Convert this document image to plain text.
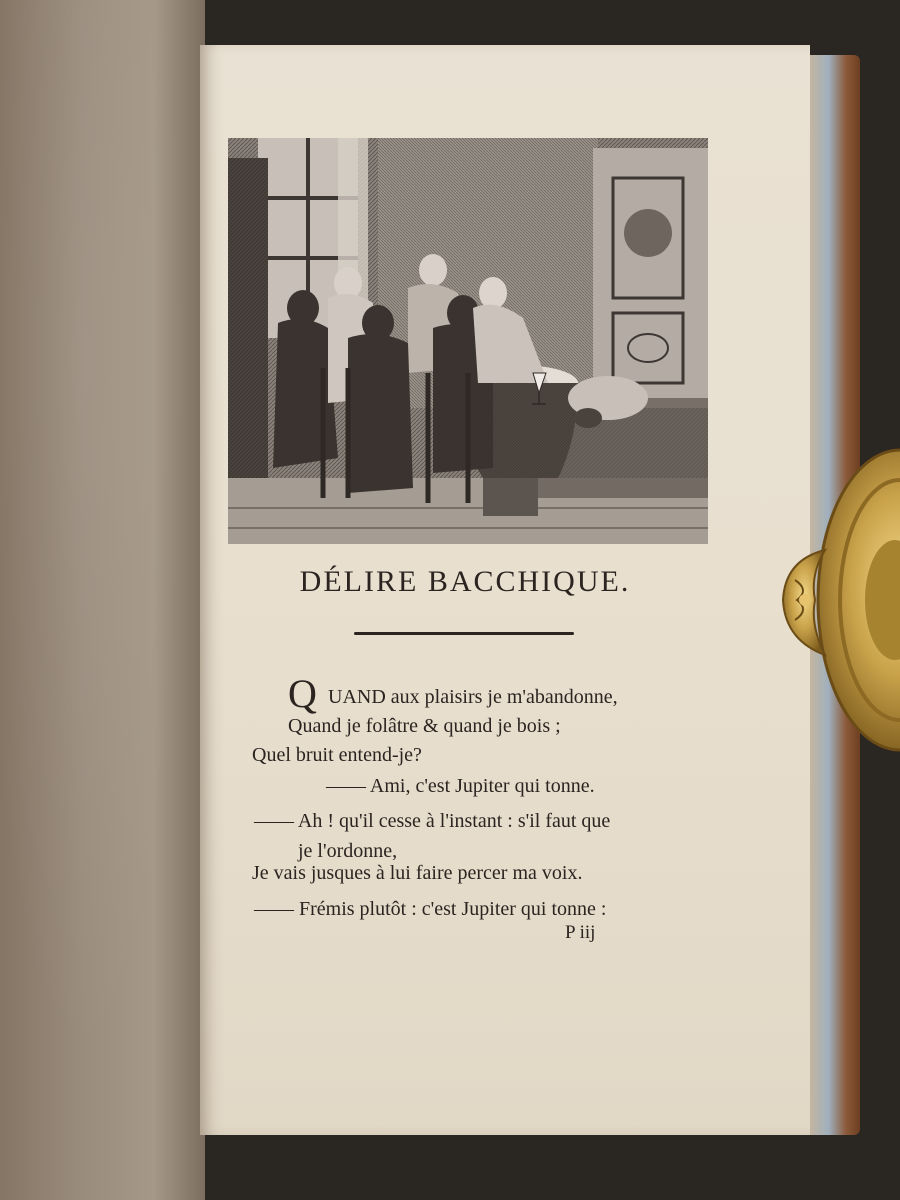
DÉLIRE BACCHIQUE.
Q UAND aux plaisirs je m'abandonne,
Quand je folâtre & quand je bois ;
Quel bruit entend-je?
—— Ami, c'est Jupiter qui tonne.
—— Ah ! qu'il cesse à l'instant : s'il faut que
je l'ordonne,
Je vais jusques à lui faire percer ma voix.
—— Frémis plutôt : c'est Jupiter qui tonne :
P iij
